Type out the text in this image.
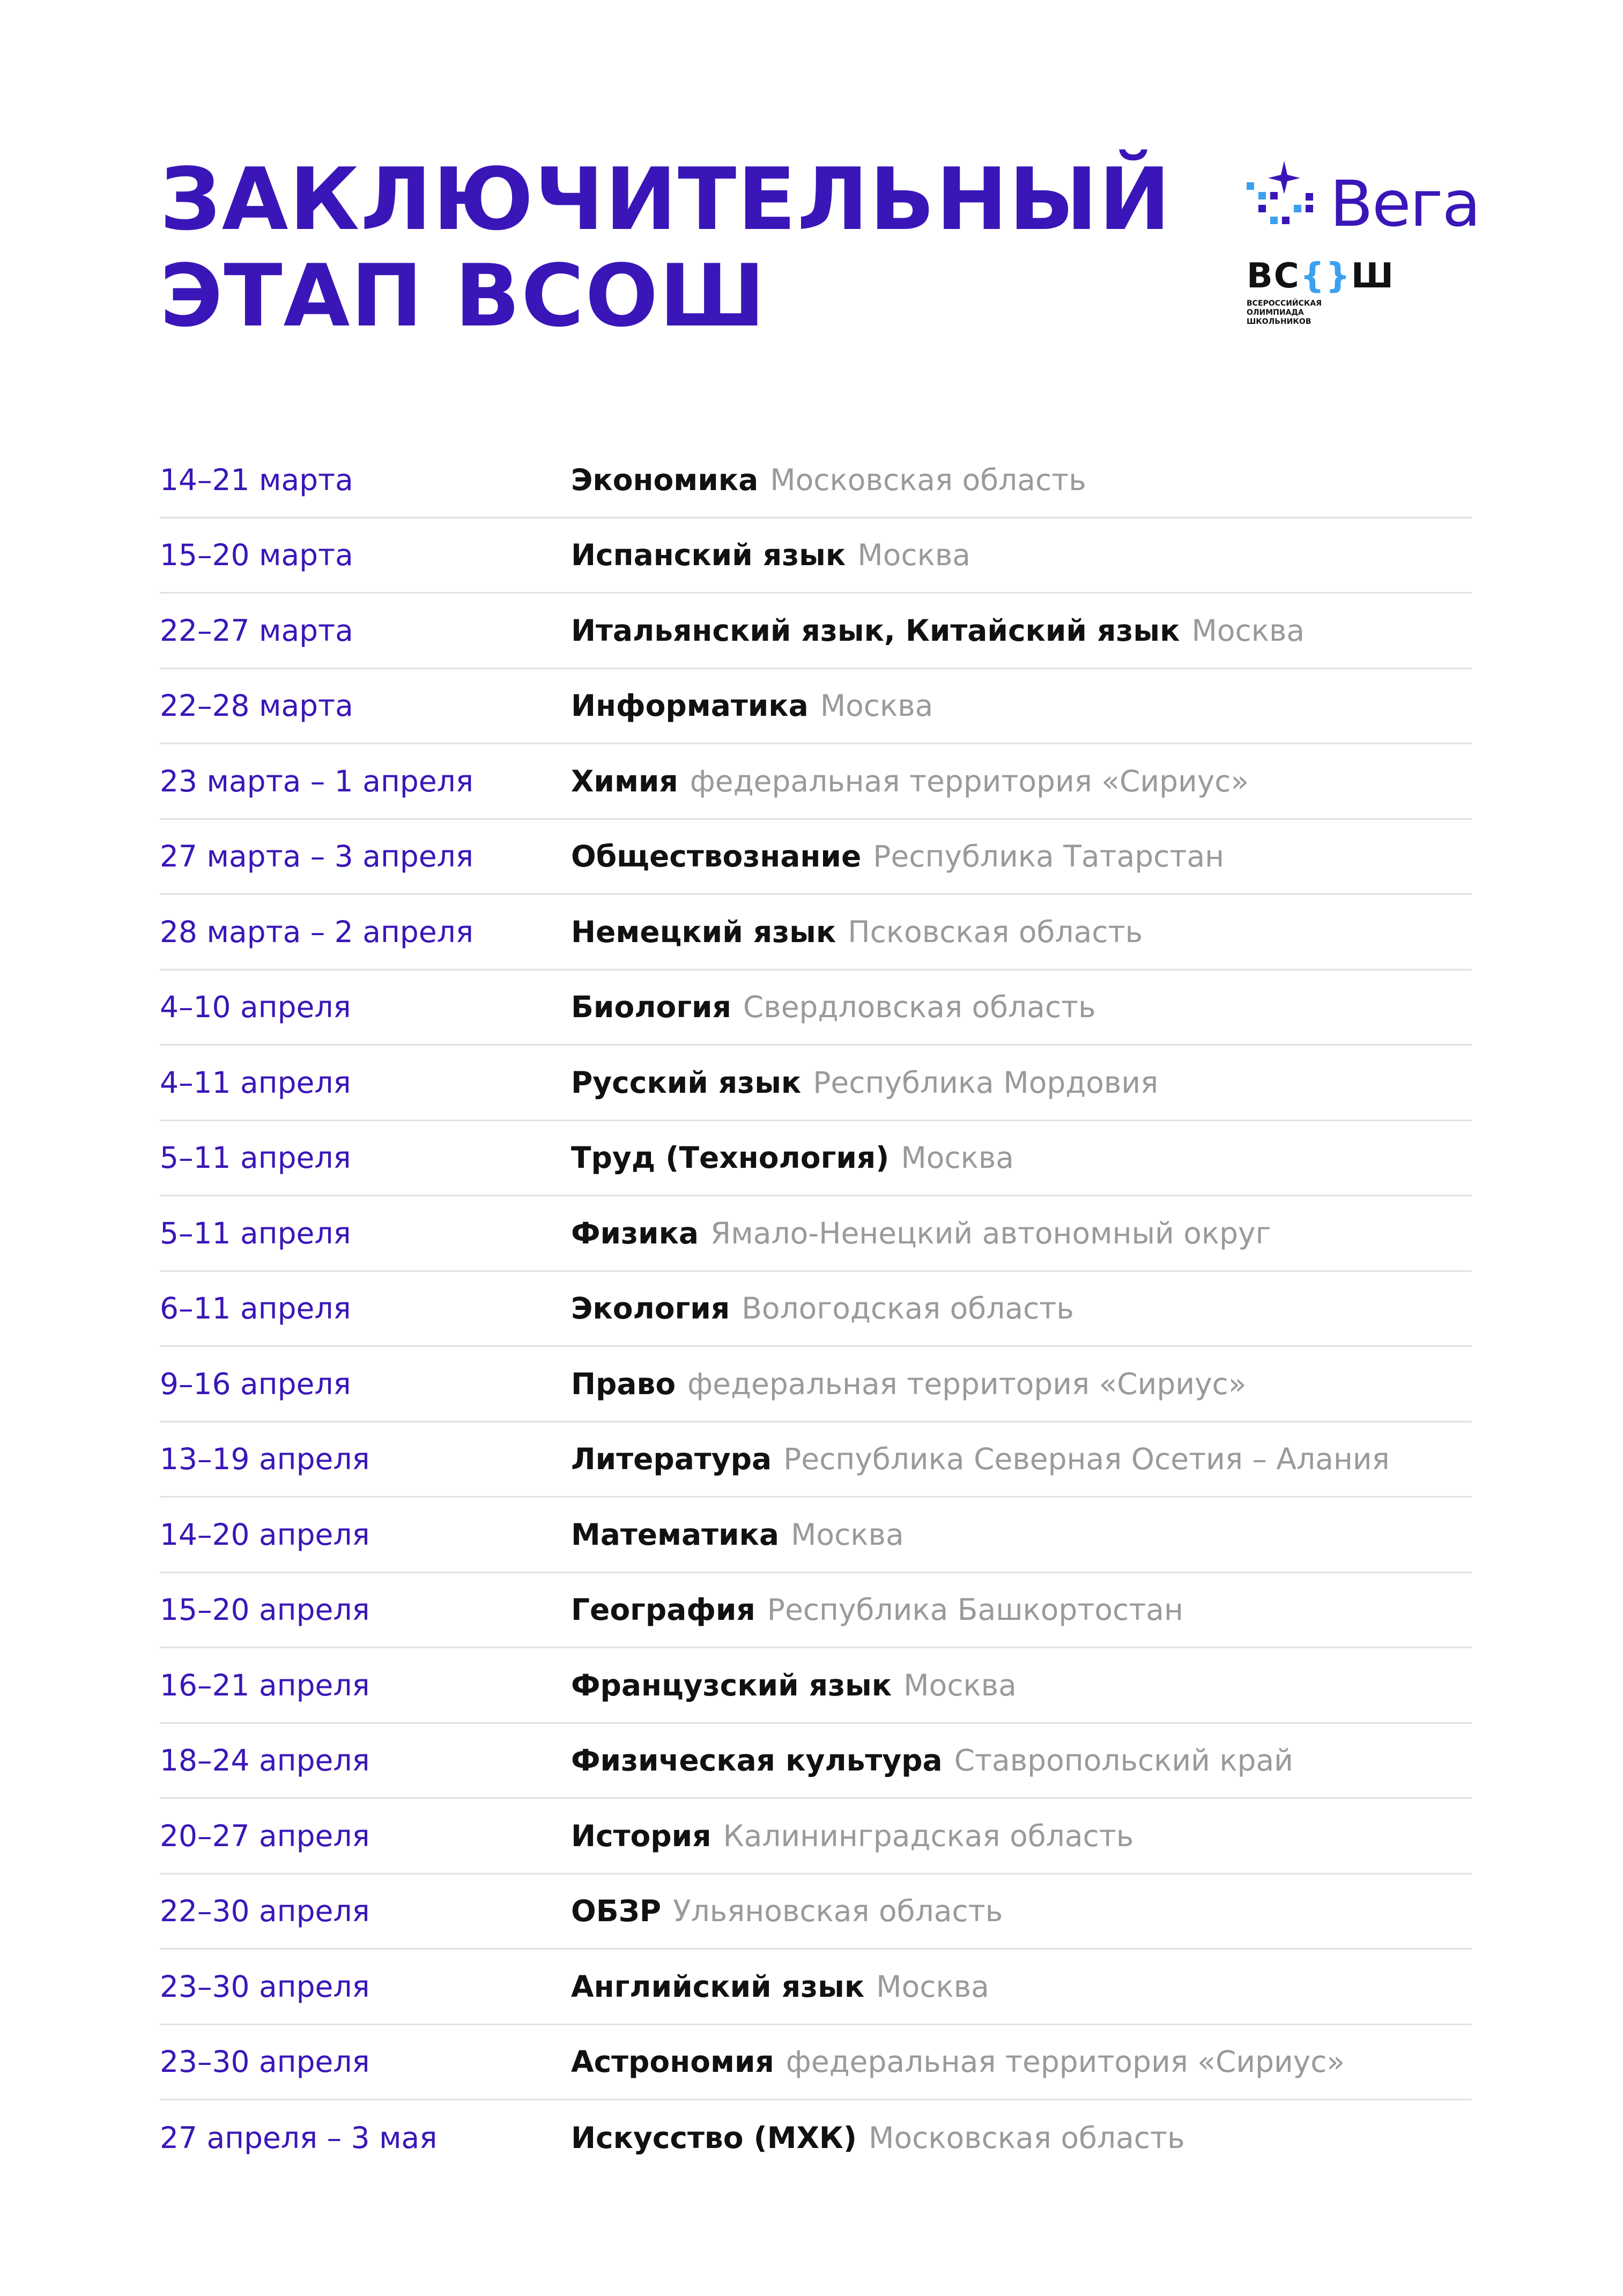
ЗАКЛЮЧИТЕЛЬНЫЙ
ЭТАП ВСОШ
Вега
ВС{}Ш
ВСЕРОССИЙСКАЯ
ОЛИМПИАДА
ШКОЛЬНИКОВ
14–21 марта	Экономика Московская область
15–20 марта	Испанский язык Москва
22–27 марта	Итальянский язык, Китайский язык Москва
22–28 марта	Информатика Москва
23 марта – 1 апреля	Химия федеральная территория «Сириус»
27 марта – 3 апреля	Обществознание Республика Татарстан
28 марта – 2 апреля	Немецкий язык Псковская область
4–10 апреля	Биология Свердловская область
4–11 апреля	Русский язык Республика Мордовия
5–11 апреля	Труд (Технология) Москва
5–11 апреля	Физика Ямало-Ненецкий автономный округ
6–11 апреля	Экология Вологодская область
9–16 апреля	Право федеральная территория «Сириус»
13–19 апреля	Литература Республика Северная Осетия – Алания
14–20 апреля	Математика Москва
15–20 апреля	География Республика Башкортостан
16–21 апреля	Французский язык Москва
18–24 апреля	Физическая культура Ставропольский край
20–27 апреля	История Калининградская область
22–30 апреля	ОБЗР Ульяновская область
23–30 апреля	Английский язык Москва
23–30 апреля	Астрономия федеральная территория «Сириус»
27 апреля – 3 мая	Искусство (МХК) Московская область
